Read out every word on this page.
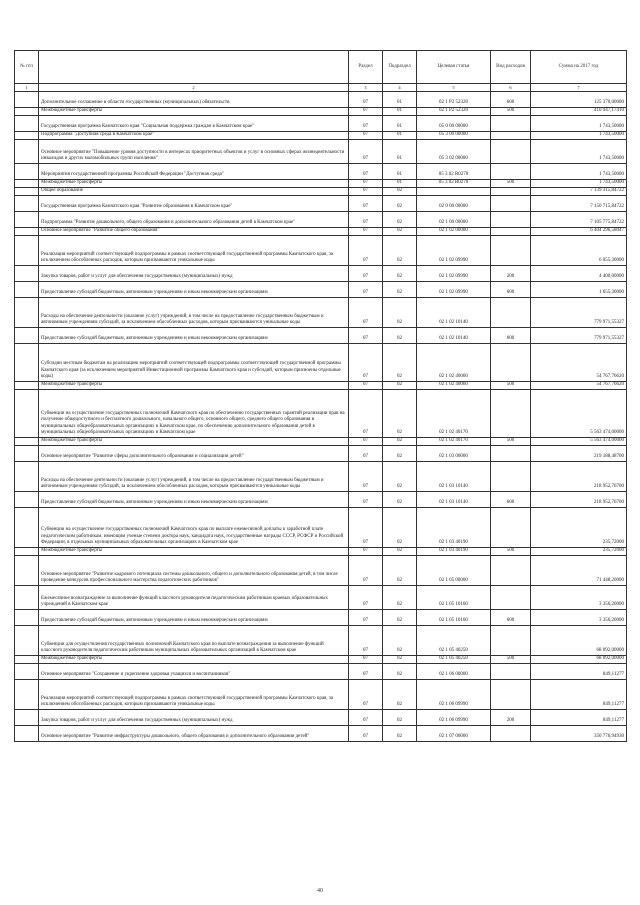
№ п/п		Раздел	Подраздел	Целевая статья	Вид расходов	Сумма на 2017 год
1	2	3	4	5	6	7
	Дополнительное соглашение в области государственных (муниципальных) обязательств	07	01	02 1 Р2 52320	600	125 370,00000
	Межбюджетные трансферты	07	01	02 1 Р2 52320	500	410 947,17410
	Государственная программа Камчатского края "Социальная поддержка граждан в Камчатском крае"	07	01	05 0 00 00000		1 743,50000
	Подпрограмма "Доступная среда в Камчатском крае"	07	01	05 3 00 00000		1 743,50000
	Основное мероприятие "Повышение уровня доступности в интересах приоритетных объектов и услуг в основных сферах жизнедеятельности инвалидов и других маломобильных групп населения"	07	01	05 3 02 00000		1 743,50000
	Мероприятия государственной программы Российской Федерации "Доступная среда"	07	01	05 3 02 R0270		1 743,50000
	Межбюджетные трансферты	07	01	05 3 02 R0270	500	1 743,50000
	Общее образование	07	02			7 139 315,84722
	Государственная программа Камчатского края "Развитие образования в Камчатском крае"	07	02	02 0 00 00000		7 150 715,84722
	Подпрограмма "Развитие дошкольного, общего образования и дополнительного образования детей в Камчатском крае"	07	02	02 1 00 00000		7 105 775,84722
	Основное мероприятие "Развитие общего образования"	07	02	02 1 02 00000		6 404 296,58047
	Реализация мероприятий соответствующей подпрограммы в рамках соответствующей государственной программы Камчатского края, за исключением обособленных расходов, которым присваиваются уникальные коды	07	02	02 1 02 09990		6 055,30000
	Закупка товаров, работ и услуг для обеспечения государственных (муниципальных) нужд	07	02	02 1 02 09990	200	4 400,00000
	Предоставление субсидий бюджетным, автономным учреждениям и иным некоммерческим организациям	07	02	02 1 02 09990	600	1 655,30000
	Расходы на обеспечение деятельности (оказание услуг) учреждений, в том числе на предоставление государственным бюджетным и автономным учреждениям субсидий, за исключением обособленных расходов, которым присваиваются уникальные коды	07	02	02 1 02 10140		779 971,55327
	Предоставление субсидий бюджетным, автономным учреждениям и иным некоммерческим организациям	07	02	02 1 02 10140	600	779 971,55327
	Субсидии местным бюджетам на реализацию мероприятий соответствующей подпрограммы соответствующей государственной программы Камчатского края (за исключением мероприятий Инвестиционной программы Камчатского края и субсидий, которым присвоены отдельные коды)	07	02	02 1 02 40060		54 767,76620
	Межбюджетные трансферты	07	02	02 1 02 40060	500	54 767,76620
	Субвенции на осуществление государственных полномочий Камчатского края по обеспечению государственных гарантий реализации прав на получение общедоступного и бесплатного дошкольного, начального общего, основного общего, среднего общего образования в муниципальных общеобразовательных организациях в Камчатском крае, по обеспечению дополнительного образования детей в муниципальных общеобразовательных организациях в Камчатском крае	07	02	02 1 02 40170		5 563 474,00000
	Межбюджетные трансферты	07	02	02 1 02 40170	500	5 563 474,00000
	Основное мероприятие "Развитие сферы дополнительного образования и социализации детей"	07	02	02 1 03 00000		219 188,48700
	Расходы на обеспечение деятельности (оказание услуг) учреждений, в том числе на предоставление государственным бюджетным и автономным учреждениям субсидий, за исключением обособленных расходов, которым присваиваются уникальные коды	07	02	02 1 03 10140		218 952,76700
	Предоставление субсидий бюджетным, автономным учреждениям и иным некоммерческим организациям	07	02	02 1 03 10140	600	218 952,76700
	Субвенции на осуществление государственных полномочий Камчатского края по выплате ежемесячной доплаты к заработной плате педагогическим работникам, имеющим ученые степени доктора наук, кандидата наук, государственные награды СССР, РСФСР и Российской Федерации, в отдельных муниципальных образовательных организациях в Камчатском крае	07	02	02 1 03 40190		235,72000
	Межбюджетные трансферты	07	02	02 1 03 40190	500	235,72000
	Основное мероприятие "Развитие кадрового потенциала системы дошкольного, общего и дополнительного образования детей, в том числе проведение конкурсов профессионального мастерства педагогических работников"	07	02	02 1 05 00000		71 448,20000
	Ежемесячное вознаграждение за выполнение функций классного руководителя педагогическим работникам краевых образовательных учреждений в Камчатском крае	07	02	02 1 05 10160		3 356,20000
	Предоставление субсидий бюджетным, автономным учреждениям и иным некоммерческим организациям	07	02	02 1 05 10160	600	3 356,20000
	Субвенции для осуществления государственных полномочий Камчатского края по выплате вознаграждения за выполнение функций классного руководителя педагогическим работникам муниципальных образовательных организаций в Камчатском крае	07	02	02 1 05 40250		68 092,00000
	Межбюджетные трансферты	07	02	02 1 05 40250	500	68 092,00000
	Основное мероприятие "Сохранение и укрепление здоровья учащихся и воспитанников"	07	02	02 1 06 00000		849,11277
	Реализация мероприятий соответствующей подпрограммы в рамках соответствующей государственной программы Камчатского края, за исключением обособленных расходов, которым присваиваются уникальные коды	07	02	02 1 06 09990		849,11277
	Закупка товаров, работ и услуг для обеспечения государственных (муниципальных) нужд	07	02	02 1 06 09990	200	849,11277
	Основное мероприятие "Развитие инфраструктуры дошкольного, общего образования и дополнительного образования детей"	07	02	02 1 07 00000		350 776,94930
40
